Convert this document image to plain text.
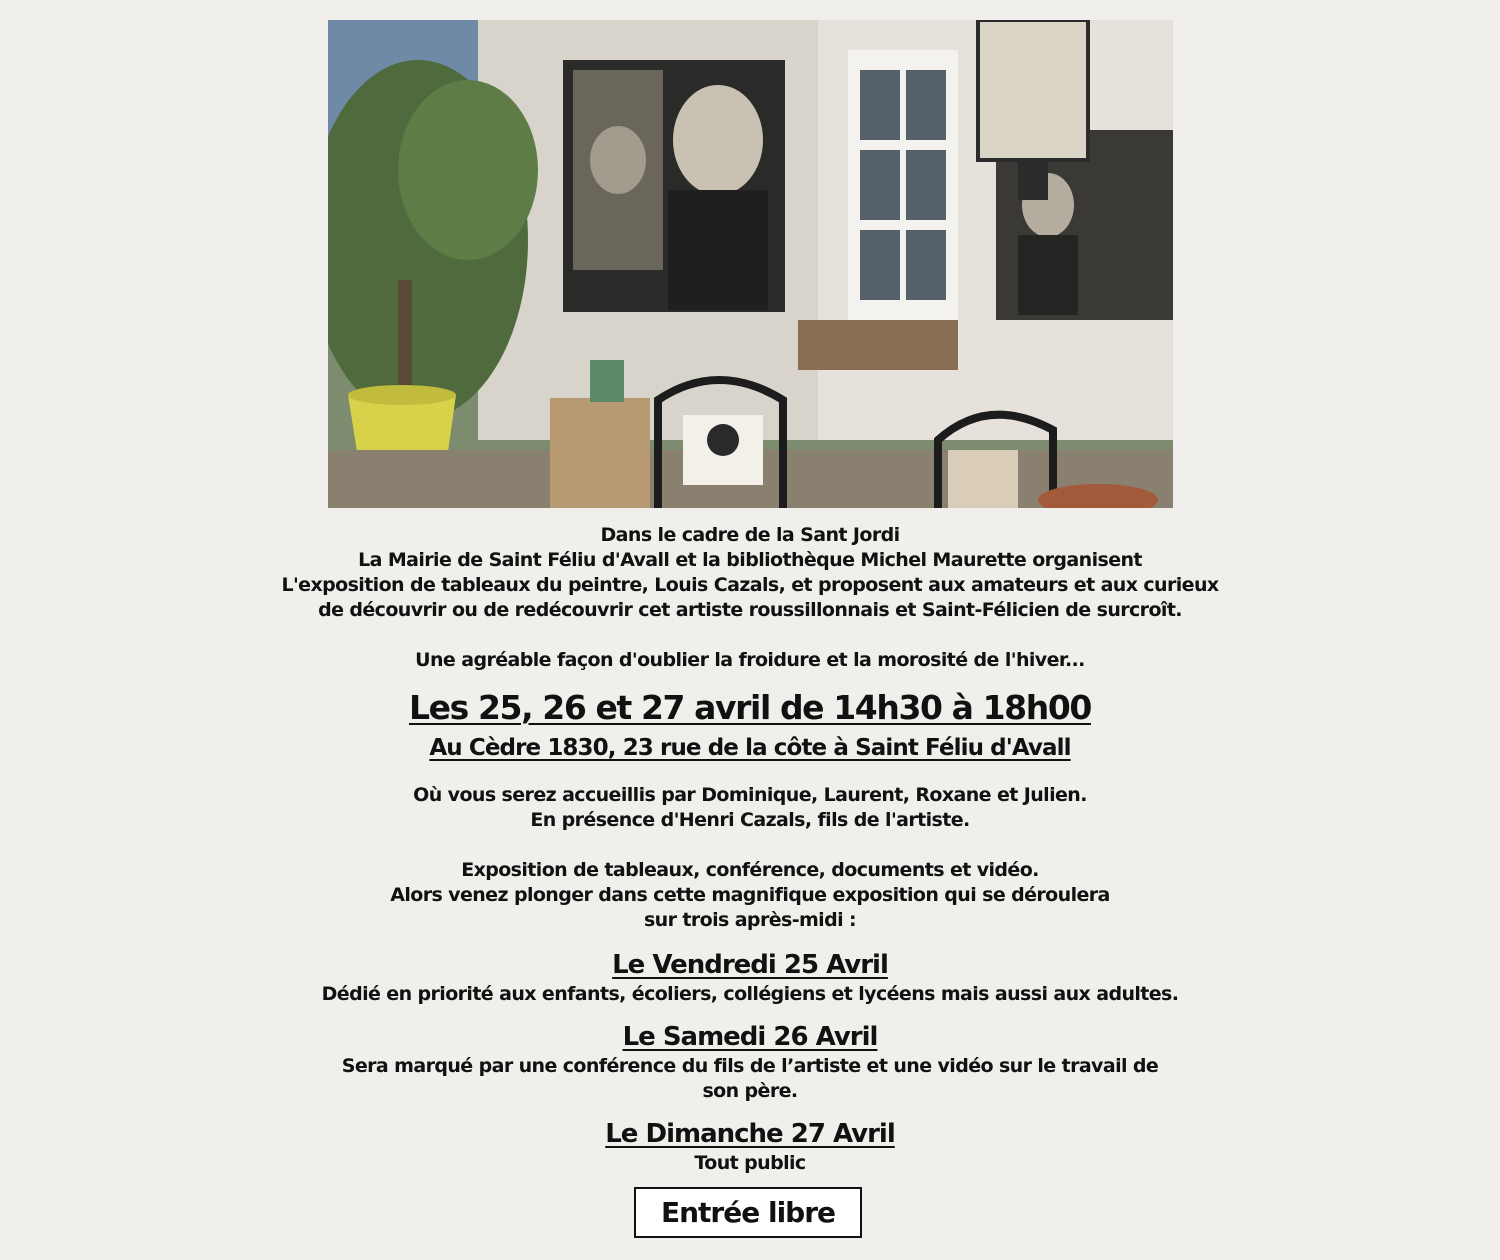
Dans le cadre de la Sant Jordi
La Mairie de Saint Féliu d'Avall et la bibliothèque Michel Maurette organisent
L'exposition de tableaux du peintre, Louis Cazals, et proposent aux amateurs et aux curieux
de découvrir ou de redécouvrir cet artiste roussillonnais et Saint-Félicien de surcroît.
Une agréable façon d'oublier la froidure et la morosité de l'hiver...
Les 25, 26 et 27 avril de 14h30 à 18h00
Au Cèdre 1830, 23 rue de la côte à Saint Féliu d'Avall
Où vous serez accueillis par Dominique, Laurent, Roxane et Julien.
En présence d'Henri Cazals, fils de l'artiste.
Exposition de tableaux, conférence, documents et vidéo.
Alors venez plonger dans cette magnifique exposition qui se déroulera
sur trois après-midi :
Le Vendredi 25 Avril
Dédié en priorité aux enfants, écoliers, collégiens et lycéens mais aussi aux adultes.
Le Samedi 26 Avril
Sera marqué par une conférence du fils de l’artiste et une vidéo sur le travail de
son père.
Le Dimanche 27 Avril
Tout public
Entrée libre
